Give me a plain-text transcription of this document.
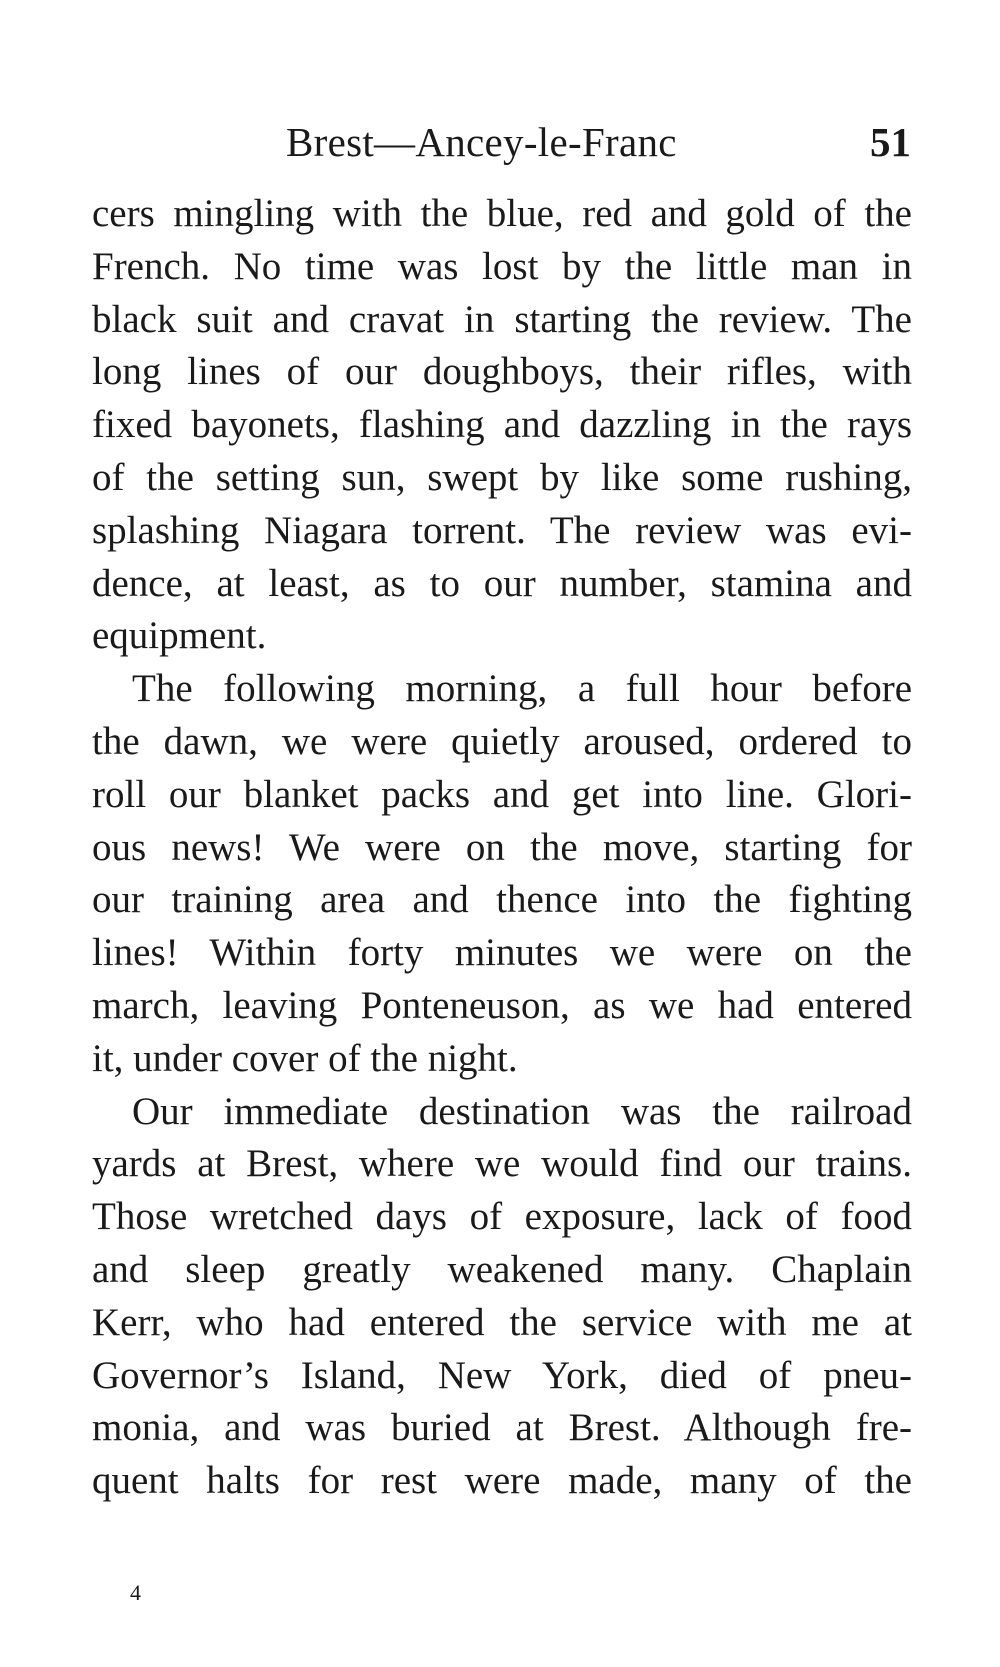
Brest—Ancey-le-Franc	51
cers mingling with the blue, red and gold of the
French. No time was lost by the little man in
black suit and cravat in starting the review. The
long lines of our doughboys, their rifles, with
fixed bayonets, flashing and dazzling in the rays
of the setting sun, swept by like some rushing,
splashing Niagara torrent. The review was evi-
dence, at least, as to our number, stamina and
equipment.
The following morning, a full hour before
the dawn, we were quietly aroused, ordered to
roll our blanket packs and get into line. Glori-
ous news! We were on the move, starting for
our training area and thence into the fighting
lines! Within forty minutes we were on the
march, leaving Ponteneuson, as we had entered
it, under cover of the night.
Our immediate destination was the railroad
yards at Brest, where we would find our trains.
Those wretched days of exposure, lack of food
and sleep greatly weakened many. Chaplain
Kerr, who had entered the service with me at
Governor’s Island, New York, died of pneu-
monia, and was buried at Brest. Although fre-
quent halts for rest were made, many of the
4
